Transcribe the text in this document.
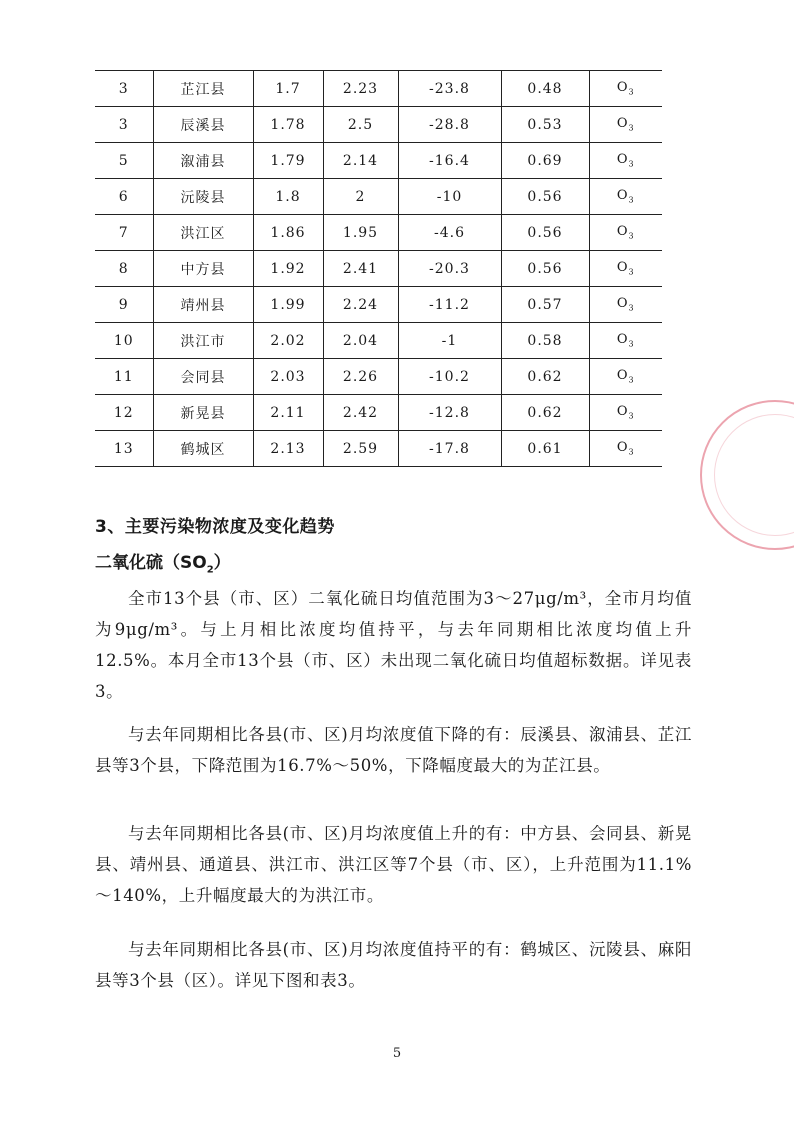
3	芷江县	1.7	2.23	-23.8	0.48	$O_3$
3	辰溪县	1.78	2.5	-28.8	0.53	$O_3$
5	溆浦县	1.79	2.14	-16.4	0.69	$O_3$
6	沅陵县	1.8	2	-10	0.56	$O_3$
7	洪江区	1.86	1.95	-4.6	0.56	$O_3$
8	中方县	1.92	2.41	-20.3	0.56	$O_3$
9	靖州县	1.99	2.24	-11.2	0.57	$O_3$
10	洪江市	2.02	2.04	-1	0.58	$O_3$
11	会同县	2.03	2.26	-10.2	0.62	$O_3$
12	新晃县	2.11	2.42	-12.8	0.62	$O_3$
13	鹤城区	2.13	2.59	-17.8	0.61	$O_3$
3、主要污染物浓度及变化趋势
二氧化硫$(SO_2)$

全市13个县（市、区）二氧化硫日均值范围为3～27μg/m³，全市月均值为9μg/m³。与上月相比浓度均值持平，与去年同期相比浓度均值上升12.5%。本月全市13个县（市、区）未出现二氧化硫日均值超标数据。详见表3。

与去年同期相比各县(市、区)月均浓度值下降的有：辰溪县、溆浦县、芷江县等3个县，下降范围为16.7%～50%，下降幅度最大的为芷江县。

与去年同期相比各县(市、区)月均浓度值上升的有：中方县、会同县、新晃县、靖州县、通道县、洪江市、洪江区等7个县（市、区），上升范围为11.1%～140%，上升幅度最大的为洪江市。

与去年同期相比各县(市、区)月均浓度值持平的有：鹤城区、沅陵县、麻阳县等3个县（区）。详见下图和表3。

5
